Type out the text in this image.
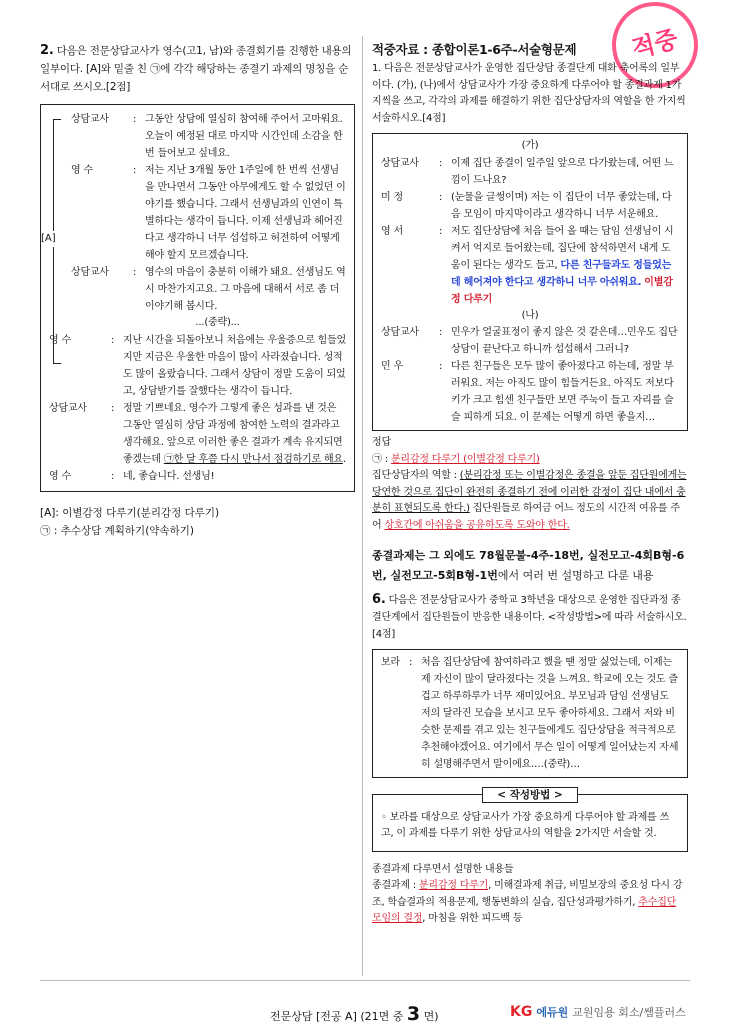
적중
2. 다음은 전문상담교사가 영수(고1, 남)와 종결회기를 진행한 내용의 일부이다. [A]와 밑줄 친 ㉠에 각각 해당하는 종결기 과제의 명칭을 순서대로 쓰시오.[2점]
[A]
상담교사	: 그동안 상담에 열심히 참여해 주어서 고마워요. 오늘이 예정된 대로 마지막 시간인데 소감을 한번 들어보고 싶네요.
영 수	: 저는 지난 3개월 동안 1주일에 한 번씩 선생님을 만나면서 그동안 아무에게도 할 수 없었던 이야기를 했습니다. 그래서 선생님과의 인연이 특별하다는 생각이 듭니다. 이제 선생님과 헤어진다고 생각하니 너무 섭섭하고 허전하여 어떻게 해야 할지 모르겠습니다.
상담교사	: 영수의 마음이 충분히 이해가 돼요. 선생님도 역시 마찬가지고요. 그 마음에 대해서 서로 좀 더 이야기해 봅시다.
...(중략)...
영 수	: 지난 시간을 되돌아보니 처음에는 우울증으로 힘들었지만 지금은 우울한 마음이 많이 사라졌습니다. 성적도 많이 올랐습니다. 그래서 상담이 정말 도움이 되었고, 상담받기를 잘했다는 생각이 듭니다.
상담교사	: 정말 기쁘네요. 영수가 그렇게 좋은 성과를 낸 것은 그동안 열심히 상담 과정에 참여한 노력의 결과라고 생각해요. 앞으로 이러한 좋은 결과가 계속 유지되면 좋겠는데 ㉠한 달 후쯤 다시 만나서 점검하기로 해요.
영 수	: 네, 좋습니다. 선생님!
[A]: 이별감정 다루기(분리감정 다루기)
㉠ : 추수상담 계획하기(약속하기)
적중자료 : 종합이론1-6주-서술형문제
1. 다음은 전문상담교사가 운영한 집단상담 종결단계 대화 축어록의 일부이다. (가), (나)에서 상담교사가 가장 중요하게 다루어야 할 종결과제 1가지씩을 쓰고, 각각의 과제를 해결하기 위한 집단상담자의 역할을 한 가지씩 서술하시오.[4점]
(가)
상담교사	: 이제 집단 종결이 일주일 앞으로 다가왔는데, 어떤 느낌이 드나요?
미 정	: (눈물을 글썽이며) 저는 이 집단이 너무 좋았는데, 다음 모임이 마지막이라고 생각하니 너무 서운해요.
영 서	: 저도 집단상담에 처음 들어 올 때는 담임 선생님이 시켜서 억지로 들어왔는데, 집단에 참석하면서 내게 도움이 된다는 생각도 들고, 다른 친구들과도 정들었는데 헤어져야 한다고 생각하니 너무 아쉬워요. 이별감정 다루기
(나)
상담교사	: 민우가 얼굴표정이 좋지 않은 것 같은데…민우도 집단상담이 끝난다고 하니까 섭섭해서 그러니?
민 우	: 다른 친구들은 모두 많이 좋아졌다고 하는데, 정말 부러워요. 저는 아직도 많이 힘들거든요. 아직도 저보다 키가 크고 힘센 친구들만 보면 주눅이 들고 자리를 슬슬 피하게 되요. 이 문제는 어떻게 하면 좋을지…
정답
㉠ : 분리감정 다루기 (이별감정 다루기)
집단상담자의 역할 : (분리감정 또는 이별감정은 종결을 앞둔 집단원에게는 당연한 것으로 집단이 완전히 종결하기 전에 이러한 감정이 집단 내에서 충분히 표현되도록 한다.) 집단원들로 하여금 어느 정도의 시간적 여유를 주어 상호간에 아쉬움을 공유하도록 도와야 한다.
종결과제는 그 외에도 78월문불-4주-18번, 실전모고-4회B형-6번, 실전모고-5회B형-1번에서 여러 번 설명하고 다룬 내용
6. 다음은 전문상담교사가 중학교 3학년을 대상으로 운영한 집단과정 종결단계에서 집단원들이 반응한 내용이다. <작성방법>에 따라 서술하시오.[4점]
보라 : 처음 집단상담에 참여하라고 했을 땐 정말 싫었는데, 이제는 제 자신이 많이 달라졌다는 것을 느껴요. 학교에 오는 것도 즐겁고 하루하루가 너무 재미있어요. 부모님과 담임 선생님도 저의 달라진 모습을 보시고 모두 좋아하세요. 그래서 저와 비슷한 문제를 겪고 있는 친구들에게도 집단상담을 적극적으로 추천해야겠어요. 여기에서 무슨 일이 어떻게 일어났는지 자세히 설명해주면서 말이에요.…(중략)…
< 작성방법 >
◦ 보라를 대상으로 상담교사가 가장 중요하게 다루어야 할 과제를 쓰고, 이 과제를 다루기 위한 상담교사의 역할을 2가지만 서술할 것.
종결과제 다루면서 설명한 내용들
종결과제 : 분리감정 다루기, 미해결과제 취급, 비밀보장의 중요성 다시 강조, 학습결과의 적용문제, 행동변화의 실습, 집단성과평가하기, 추수집단 모임의 결정, 마침을 위한 피드백 등
전문상담 [전공 A] (21면 중 3 면)	KG 에듀원 교원임용 회소/쌤플러스
